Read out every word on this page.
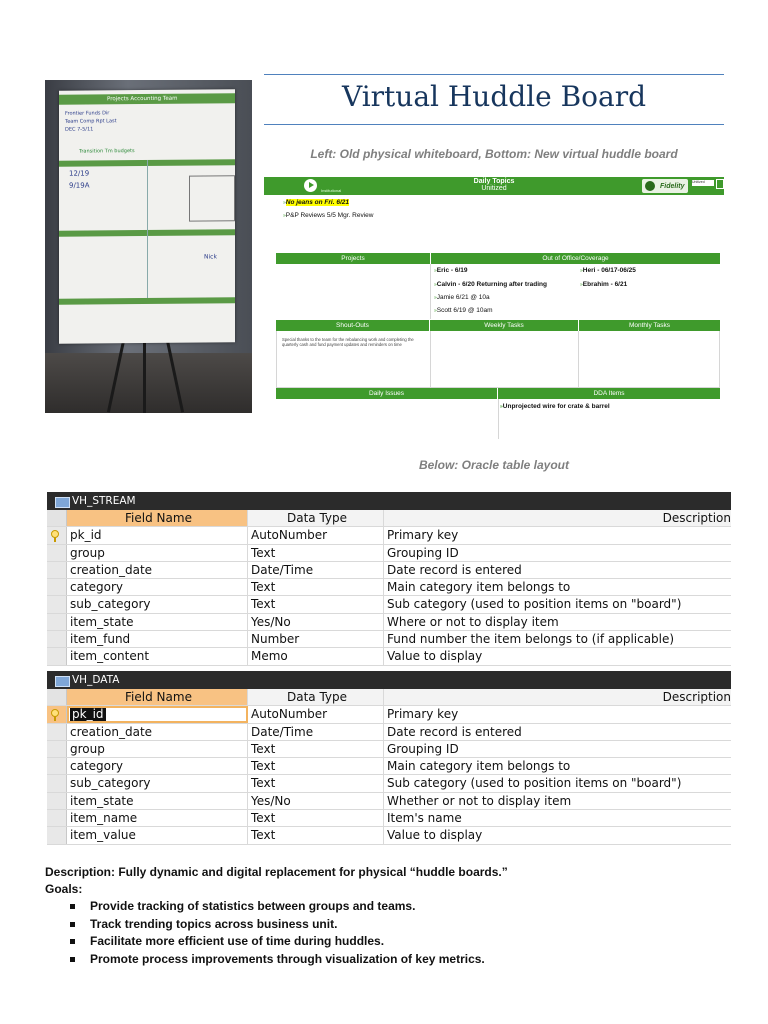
Projects Accounting Team
Frontier Funds Dir
Team Comp Rpt Last
DEC 7-5/11
Transition Tm budgets
12/19
9/19A
Nick
Virtual Huddle Board
Left: Old physical whiteboard, Bottom: New virtual huddle board
Institutional
Daily Topics
Unitized	Fidelity
Unitized
»No jeans on Fri. 6/21
»P&P Reviews 5/5 Mgr. Review
Projects	Out of Office/Coverage
»Eric - 6/19
»Calvin - 6/20 Returning after trading
»Jamie 6/21 @ 10a
»Scott 6/19 @ 10am
»Heri - 06/17-06/25
»Ebrahim - 6/21
Shout-Outs	Weekly Tasks	Monthly Tasks
Special thanks to the team for the rebalancing work and completing the quarterly cash and fund payment updates and reminders on time
Daily Issues	DDA Items
»Unprojected wire for crate & barrel
Below: Oracle table layout
VH_STREAM
Field Name	Data Type	Description
pk_id	AutoNumber	Primary key
group	Text	Grouping ID
creation_date	Date/Time	Date record is entered
category	Text	Main category item belongs to
sub_category	Text	Sub category (used to position items on "board")
item_state	Yes/No	Where or not to display item
item_fund	Number	Fund number the item belongs to (if applicable)
item_content	Memo	Value to display
VH_DATA
Field Name	Data Type	Description
pk_id	AutoNumber	Primary key
creation_date	Date/Time	Date record is entered
group	Text	Grouping ID
category	Text	Main category item belongs to
sub_category	Text	Sub category (used to position items on "board")
item_state	Yes/No	Whether or not to display item
item_name	Text	Item's name
item_value	Text	Value to display
Description: Fully dynamic and digital replacement for physical “huddle boards.”
Goals:
Provide tracking of statistics between groups and teams.
Track trending topics across business unit.
Facilitate more efficient use of time during huddles.
Promote process improvements through visualization of key metrics.
